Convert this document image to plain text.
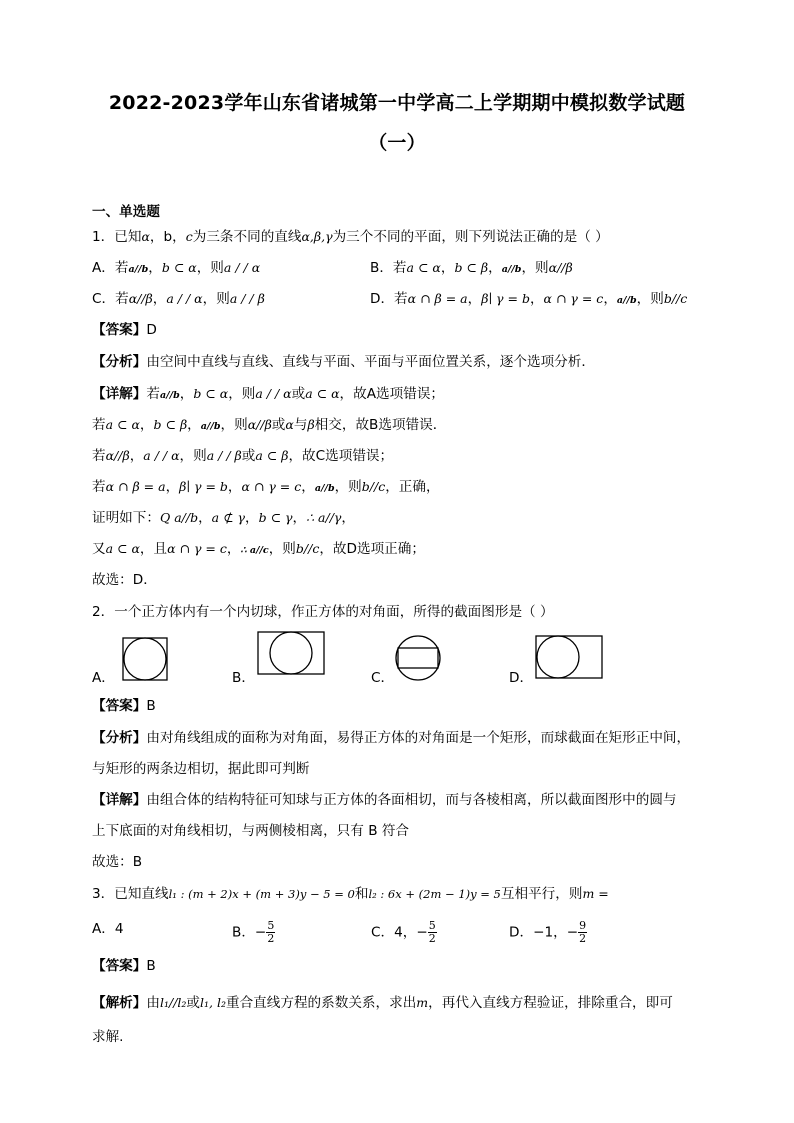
2022-2023学年山东省诸城第一中学高二上学期期中模拟数学试题
（一）
一、单选题
1．已知α，b，c为三条不同的直线α,β,γ为三个不同的平面，则下列说法正确的是（ ）
A．若a//b，b ⊂ α，则a / / α	B．若a ⊂ α，b ⊂ β，a//b，则α//β
C．若α//β，a / / α，则a / / β	D．若α ∩ β = a，β∣ γ = b，α ∩ γ = c，a//b，则b//c
【答案】D
【分析】由空间中直线与直线、直线与平面、平面与平面位置关系，逐个选项分析．
【详解】若a//b，b ⊂ α，则a / / α或a ⊂ α，故A选项错误；
若a ⊂ α，b ⊂ β，a//b，则α//β或α与β相交，故B选项错误．
若α//β，a / / α，则a / / β或a ⊂ β，故C选项错误；
若α ∩ β = a，β∣ γ = b，α ∩ γ = c，a//b，则b//c，正确，
证明如下：Q a//b，a ⊄ γ，b ⊂ γ，∴ a//γ，
又a ⊂ α，且α ∩ γ = c，∴ a//c，则b//c，故D选项正确；
故选：D．
2．一个正方体内有一个内切球，作正方体的对角面，所得的截面图形是（ ）
A．	B．	C．	D．
【答案】B
【分析】由对角线组成的面称为对角面，易得正方体的对角面是一个矩形，而球截面在矩形正中间，
与矩形的两条边相切，据此即可判断
【详解】由组合体的结构特征可知球与正方体的各面相切，而与各棱相离，所以截面图形中的圆与
上下底面的对角线相切，与两侧棱相离，只有 B 符合
故选：B
3．已知直线l₁ : (m + 2)x + (m + 3)y − 5 = 0和l₂ : 6x + (2m − 1)y = 5互相平行，则m =
A．4	B．− $\frac{5}{2}$	C．4，− $\frac{5}{2}$	D．−1，− $\frac{9}{2}$
【答案】B
【解析】由l₁//l₂或l₁, l₂重合直线方程的系数关系，求出m，再代入直线方程验证，排除重合，即可
求解.
